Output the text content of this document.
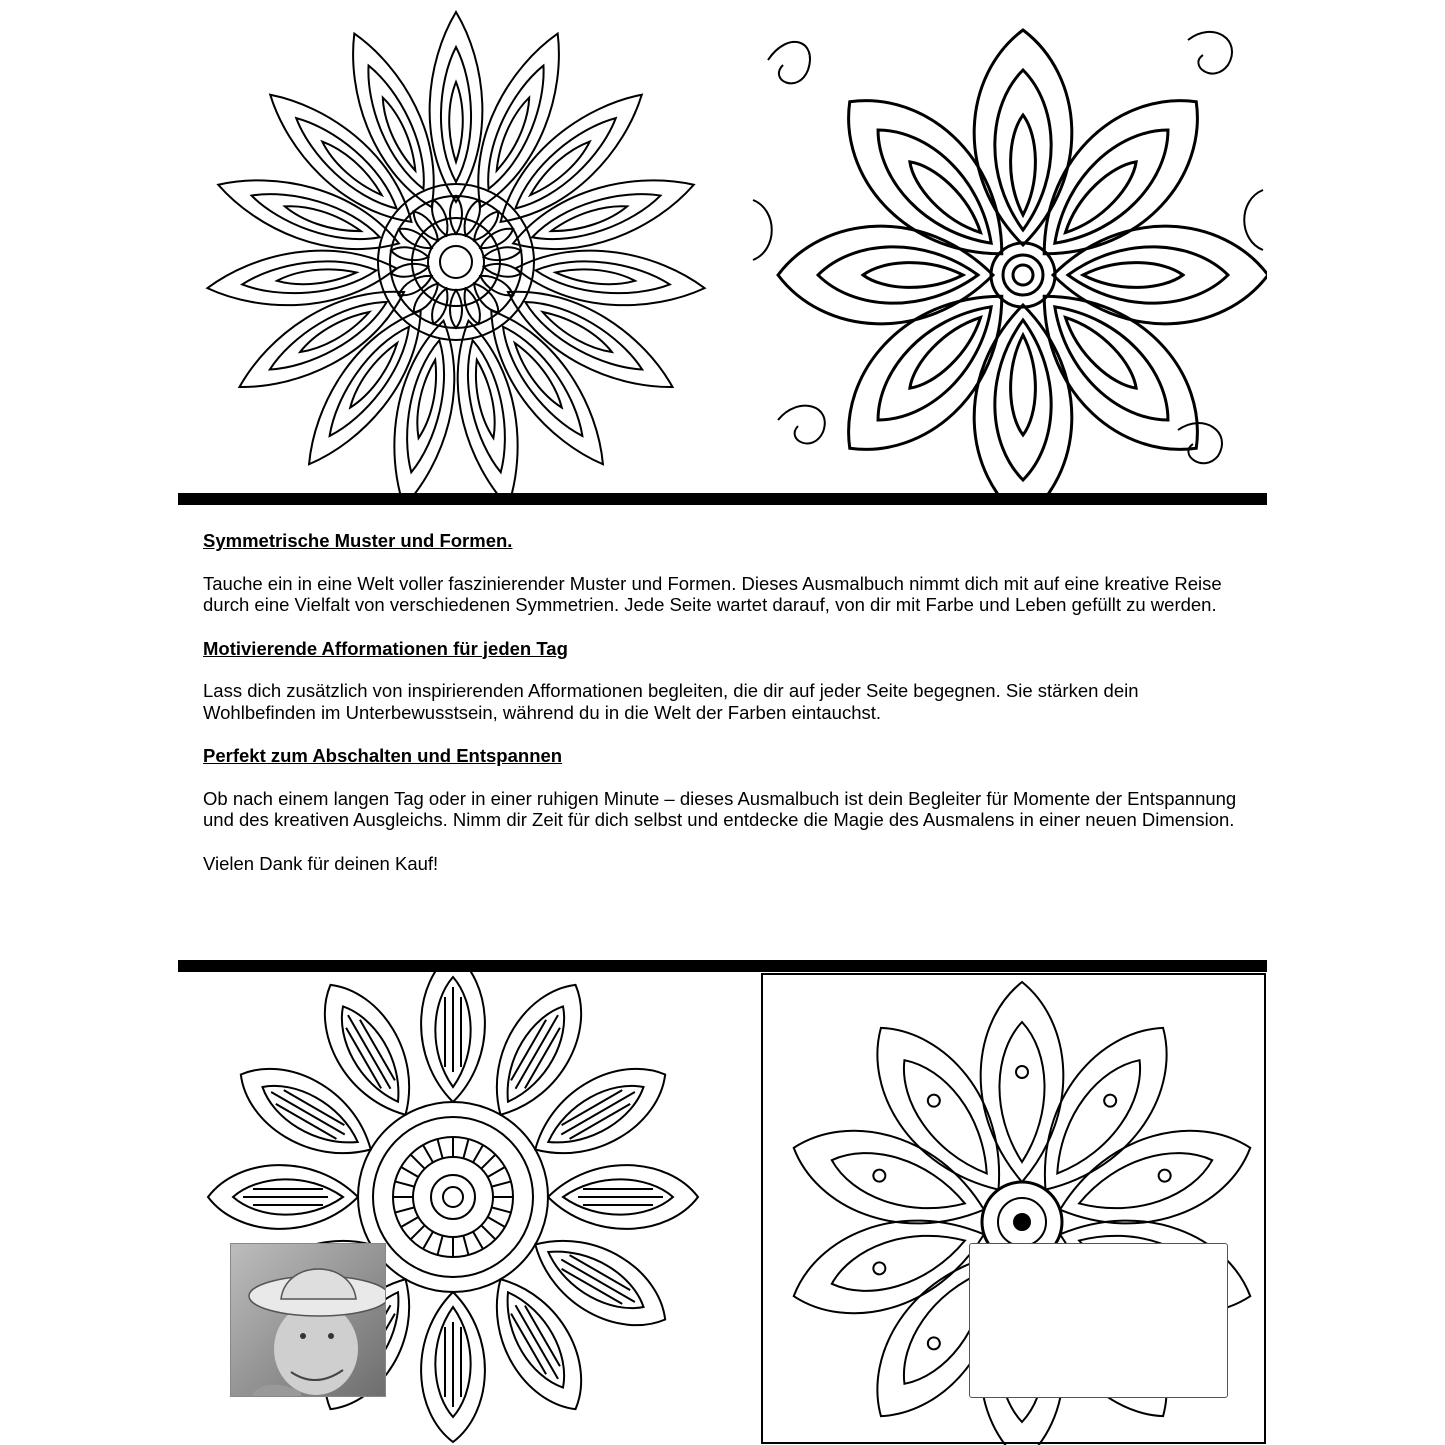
Symmetrische Muster und Formen.

Tauche ein in eine Welt voller faszinierender Muster und Formen. Dieses Ausmalbuch nimmt dich mit auf eine kreative Reise durch eine Vielfalt von verschiedenen Symmetrien. Jede Seite wartet darauf, von dir mit Farbe und Leben gefüllt zu werden.

Motivierende Afformationen für jeden Tag

Lass dich zusätzlich von inspirierenden Afformationen begleiten, die dir auf jeder Seite begegnen. Sie stärken dein Wohlbefinden im Unterbewusstsein, während du in die Welt der Farben eintauchst.

Perfekt zum Abschalten und Entspannen

Ob nach einem langen Tag oder in einer ruhigen Minute – dieses Ausmalbuch ist dein Begleiter für Momente der Entspannung und des kreativen Ausgleichs. Nimm dir Zeit für dich selbst und entdecke die Magie des Ausmalens in einer neuen Dimension.

Vielen Dank für deinen Kauf!
